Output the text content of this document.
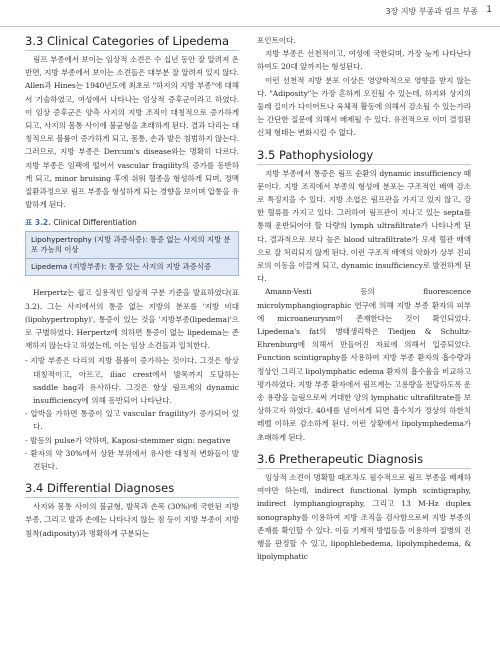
3장 지방 부종과 림프 부종 1
3.3 Clinical Categories of Lipedema

림프 부종에서 보이는 임상적 소견은 수 십년 동안 잘 알려져 온 반면, 지방 부종에서 보이는 소견들은 대부분 잘 알려져 있지 않다. Allen과 Hines는 1940년도에 최초로 "하지의 지방 부종"에 대해서 기술하였고, 여성에서 나타나는 임상적 증후군이라고 하였다. 이 임상 증후군은 양측 사지의 지방 조직이 대칭적으로 증가하게 되고, 사지의 몸통 사이에 불균형을 초래하게 된다. 결과 다리는 대칭적으로 볼륨이 증가하게 되고, 몸통, 손과 발은 침범하지 않는다. 그러므로, 지방 부종은 Dercum's disease와는 명확히 다르다. 지방 부종은 임팩에 떨어서 vascular fragility의 증가를 동반하게 되고, minor bruising 후에 쉬워 혈종을 형성하게 되며, 정맥질환과정으로 림프 부종을 형성하게 되는 경향을 보이며 압통을 유발하게 된다.

표 3.2. Clinical Differentiation
Lipohypertrophy (지방 과증식증): 통증 없는 사지의 지방 분포 가능의 이상
Lipedema (지방부종): 통증 있는 사지의 지방 과증식증

Herpertz는 쉽고 실용적인 임상적 구분 기준을 발표하였다(표 3.2). 그는 사지에서의 통증 없는 지방의 분포를 '지방 비대(lipohypertrophy)', 통증이 있는 것을 '지방부종(lipedema)'으로 구별하였다. Herpertz에 의하면 통증이 없는 lipedema는 존재하지 않는다고 하였는데, 이는 임상 소견들과 일치한다.

- 지방 부종은 다리의 지방 볼륨이 증가하는 것이다. 그것은 항상 대칭적이고, 아프고, iliac crest에서 발목까지 도달하는 saddle bag과 유사하다. 그것은 항상 림프계의 dynamic insufficiency에 의해 동반되어 나타난다.
- 압박을 가하면 통증이 있고 vascular fragility가 증가되어 있다.
- 발등의 pulse가 약하며, Kaposi-stemmer sign: negative
- 환자의 약 30%에서 상완 부위에서 유사한 대칭적 변화들이 발견된다.
3.4 Differential Diagnoses

사지와 몸통 사이의 불균형, 발목과 손목 (30%)에 국한된 지방 부종, 그리고 발과 손에는 나타나지 않는 점 등이 지방 부종이 지방 침착(adiposity)과 명확하게 구분되는

포인트이다.

지방 부종은 선천적이고, 여성에 국한되며, 가장 늦게 나타난다 하여도 20대 앞까지는 형성된다.

이런 선천적 지방 분포 이상은 영양학적으로 영향을 받지 않는다. "Adiposity"는 가장 흔하게 오진될 수 있는데, 하지와 상지의 둘레 길이가 다이어트나 육체적 활동에 의해서 감소될 수 있는가라는 간단한 질문에 의해서 배제될 수 있다. 유전적으로 이미 결정된 신체 형태는 변화시킬 수 없다.

3.5 Pathophysiology

지방 부종에서 통증은 림프 순환의 dynamic insufficiency 때문이다. 지방 조직에서 부종의 형성에 분포는 구조적인 배액 감소로 특징지을 수 있다. 지방 소엽은 림프관을 가지고 있지 않고, 강한 혈류를 가지고 있다. 그러하여 림프관이 지나고 있는 septa를 통해 운반되어야 할 다량의 lymph ultrafiltrate가 나타나게 된다. 결과적으로 보다 높은 blood ultrafiltrate가 모세 혈관 배액으로 잘 처리되지 않게 된다. 이런 구조적 배액의 악화가 상부 진피로의 이동을 이끌게 되고, dynamic insufficiency로 발전하게 된다.

Amann-Vesti 등의 fluorescence microlymphangiographic 연구에 의해 지방 부종 환자의 피부에 microaneurysm이 존재한다는 것이 확인되었다. Lipedema's fat의 병태생리학은 Tiedjen & Schultz-Ehrenburg에 의해서 만들어진 자료에 의해서 입증되었다. Function scintigraphy를 사용하여 지방 부종 환자의 흡수량과 정상인 그리고 lipolymphatic edema 환자의 흡수율을 비교하고 평가하였다. 지방 부종 환자에서 림프계는 고용량을 전달하도록 운송 용량을 늘림으로써 거대한 양의 lymphatic ultrafiltrate를 보상하고자 하였다. 40세를 넘어서게 되면 흡수치가 정상의 하한치 레벨 이하로 감소하게 된다. 이런 상황에서 lipolymphedema가 초래하게 된다.

3.6 Pretherapeutic Diagnosis

임상적 소견이 명확할 때조차도 필수적으로 림프 부종을 배제하여야만 하는데, indirect functional lymph scintigraphy, indirect lymphangiography, 그리고 13 M-Hz duplex sonography를 이용하여 지방 조직을 검사함으로써 지방 부종의 존재를 확인할 수 있다. 이들 기계적 방법들을 이용하여 질병의 진행을 판정할 수 있고, lipophlebedema, lipolymphedema, & lipolymphatic
